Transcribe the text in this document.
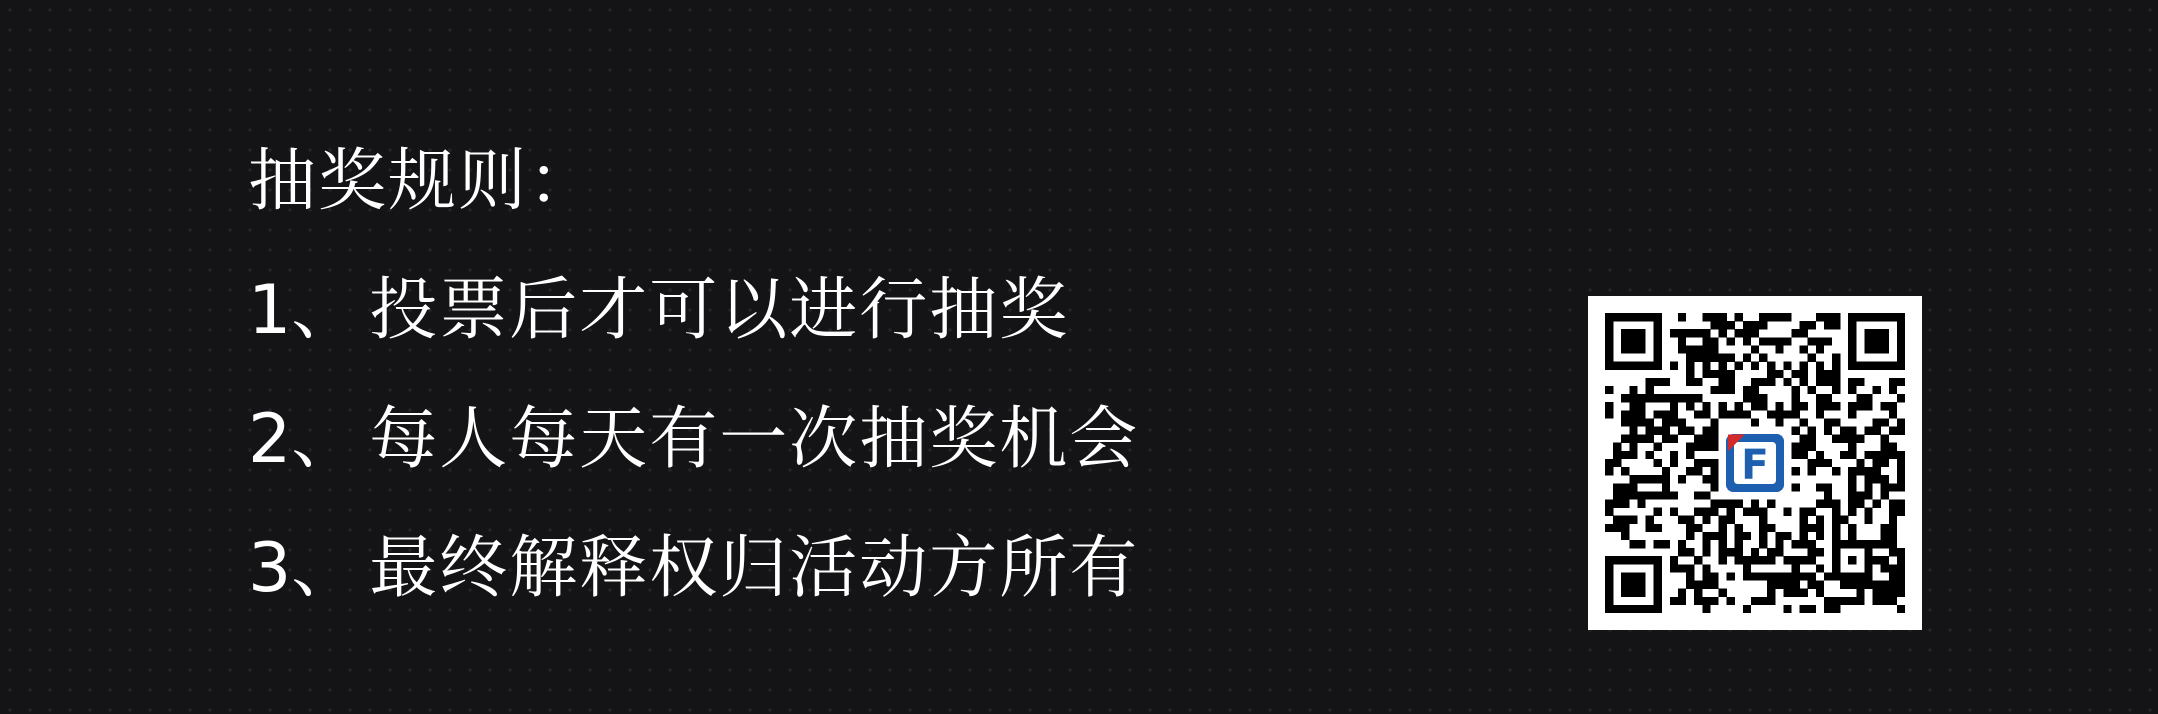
抽奖规则：
1 、 投票后才可以进行抽奖
2 、 每人每天有一次抽奖机会
3 、 最终解释权归活动方所有
F
